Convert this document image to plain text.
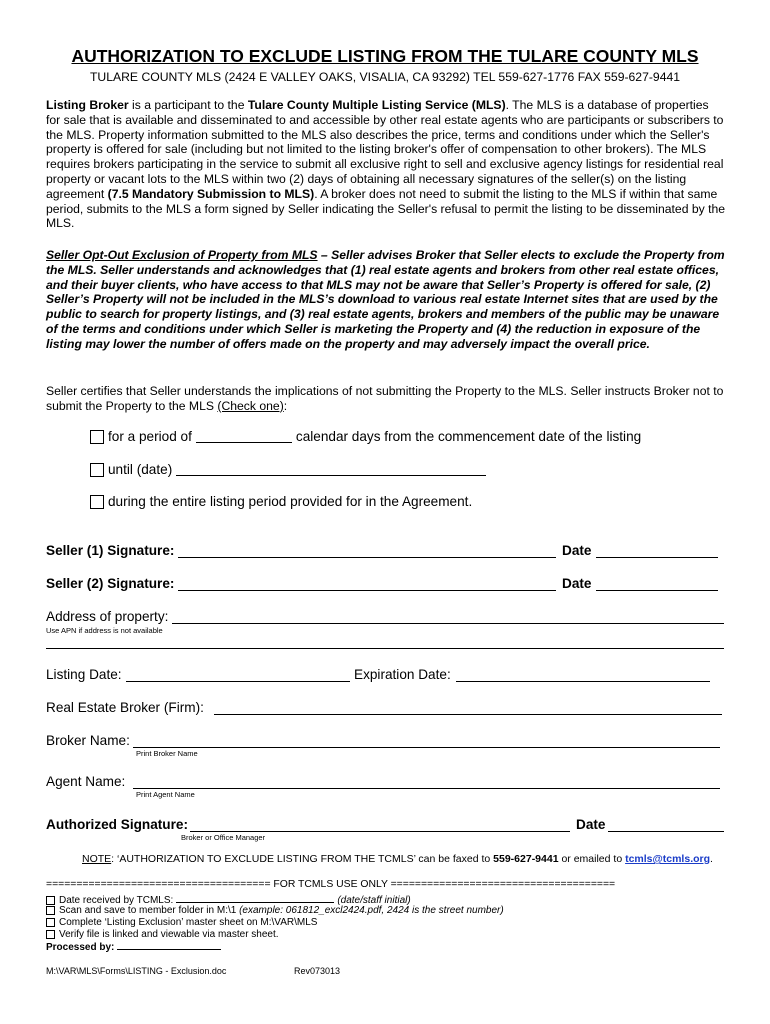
AUTHORIZATION TO EXCLUDE LISTING FROM THE TULARE COUNTY MLS
TULARE COUNTY MLS (2424 E VALLEY OAKS, VISALIA, CA 93292) TEL 559-627-1776 FAX 559-627-9441
Listing Broker is a participant to the Tulare County Multiple Listing Service (MLS). The MLS is a database of properties for sale that is available and disseminated to and accessible by other real estate agents who are participants or subscribers to the MLS. Property information submitted to the MLS also describes the price, terms and conditions under which the Seller's property is offered for sale (including but not limited to the listing broker's offer of compensation to other brokers). The MLS requires brokers participating in the service to submit all exclusive right to sell and exclusive agency listings for residential real property or vacant lots to the MLS within two (2) days of obtaining all necessary signatures of the seller(s) on the listing agreement (7.5 Mandatory Submission to MLS). A broker does not need to submit the listing to the MLS if within that same period, submits to the MLS a form signed by Seller indicating the Seller's refusal to permit the listing to be disseminated by the MLS.
Seller Opt-Out Exclusion of Property from MLS – Seller advises Broker that Seller elects to exclude the Property from the MLS. Seller understands and acknowledges that (1) real estate agents and brokers from other real estate offices, and their buyer clients, who have access to that MLS may not be aware that Seller’s Property is offered for sale, (2) Seller’s Property will not be included in the MLS’s download to various real estate Internet sites that are used by the public to search for property listings, and (3) real estate agents, brokers and members of the public may be unaware of the terms and conditions under which Seller is marketing the Property and (4) the reduction in exposure of the listing may lower the number of offers made on the property and may adversely impact the overall price.
Seller certifies that Seller understands the implications of not submitting the Property to the MLS. Seller instructs Broker not to submit the Property to the MLS (Check one):
for a period of	calendar days from the commencement date of the listing
until (date)
during the entire listing period provided for in the Agreement.
Seller (1) Signature:	Date
Seller (2) Signature:	Date
Address of property:
Use APN if address is not available
Listing Date:	Expiration Date:
Real Estate Broker (Firm):
Broker Name:
Print Broker Name
Agent Name:
Print Agent Name
Authorized Signature:	Date
Broker or Office Manager
NOTE: ‘AUTHORIZATION TO EXCLUDE LISTING FROM THE TCMLS’ can be faxed to 559-627-9441 or emailed to tcmls@tcmls.org.
===================================== FOR TCMLS USE ONLY =====================================
Date received by TCMLS:	(date/staff initial)
Scan and save to member folder in M:\1 (example: 061812_excl2424.pdf, 2424 is the street number)
Complete ‘Listing Exclusion’ master sheet on M:\VAR\MLS
Verify file is linked and viewable via master sheet.
Processed by:
M:\VAR\MLS\Forms\LISTING - Exclusion.doc	Rev073013
